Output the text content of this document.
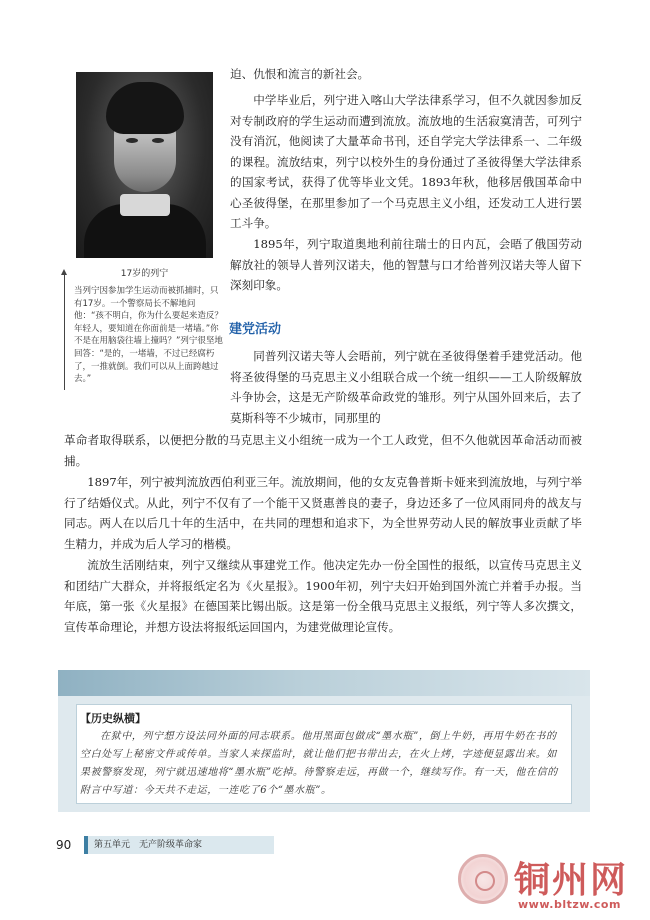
17岁的列宁
当列宁因参加学生运动而被抓捕时，只有17岁。一个警察局长不解地问他：“孩不明白，你为什么要起来造反？年轻人，要知道在你面前是一堵墙。”你不是在用脑袋往墙上撞吗？”列宁很坚地回答：“是的，一堵墙，不过已经腐朽了，一推就倒。我们可以从上面跨越过去。”
迫、仇恨和流言的新社会。
中学毕业后，列宁进入喀山大学法律系学习，但不久就因参加反对专制政府的学生运动而遭到流放。流放地的生活寂寞清苦，可列宁没有消沉，他阅读了大量革命书刊，还自学完大学法律系一、二年级的课程。流放结束，列宁以校外生的身份通过了圣彼得堡大学法律系的国家考试，获得了优等毕业文凭。1893年秋，他移居俄国革命中心圣彼得堡，在那里参加了一个马克思主义小组，还发动工人进行罢工斗争。
1895年，列宁取道奥地利前往瑞士的日内瓦，会晤了俄国劳动解放社的领导人普列汉诺夫，他的智慧与口才给普列汉诺夫等人留下深刻印象。
建党活动
同普列汉诺夫等人会晤前，列宁就在圣彼得堡着手建党活动。他将圣彼得堡的马克思主义小组联合成一个统一组织——工人阶级解放斗争协会，这是无产阶级革命政党的雏形。列宁从国外回来后，去了莫斯科等不少城市，同那里的
革命者取得联系，以便把分散的马克思主义小组统一成为一个工人政党，但不久他就因革命活动而被捕。
1897年，列宁被判流放西伯利亚三年。流放期间，他的女友克鲁普斯卡娅来到流放地，与列宁举行了结婚仪式。从此，列宁不仅有了一个能干又贤惠善良的妻子，身边还多了一位风雨同舟的战友与同志。两人在以后几十年的生活中，在共同的理想和追求下，为全世界劳动人民的解放事业贡献了毕生精力，并成为后人学习的楷模。
流放生活刚结束，列宁又继续从事建党工作。他决定先办一份全国性的报纸，以宣传马克思主义和团结广大群众，并将报纸定名为《火星报》。1900年初，列宁夫妇开始到国外流亡并着手办报。当年底，第一张《火星报》在德国莱比锡出版。这是第一份全俄马克思主义报纸，列宁等人多次撰文，宣传革命理论，并想方设法将报纸运回国内，为建党做理论宣传。
【历史纵横】
在狱中，列宁想方设法同外面的同志联系。他用黑面包做成“墨水瓶”，倒上牛奶，再用牛奶在书的空白处写上秘密文件或传单。当家人来探监时，就让他们把书带出去，在火上烤，字迹便显露出来。如果被警察发现，列宁就迅速地将“墨水瓶”吃掉。待警察走远，再做一个，继续写作。有一天，他在信的附言中写道：今天共不走运，一连吃了6个“墨水瓶”。
90	第五单元　无产阶级革命家
铜州网
www.bltzw.com
